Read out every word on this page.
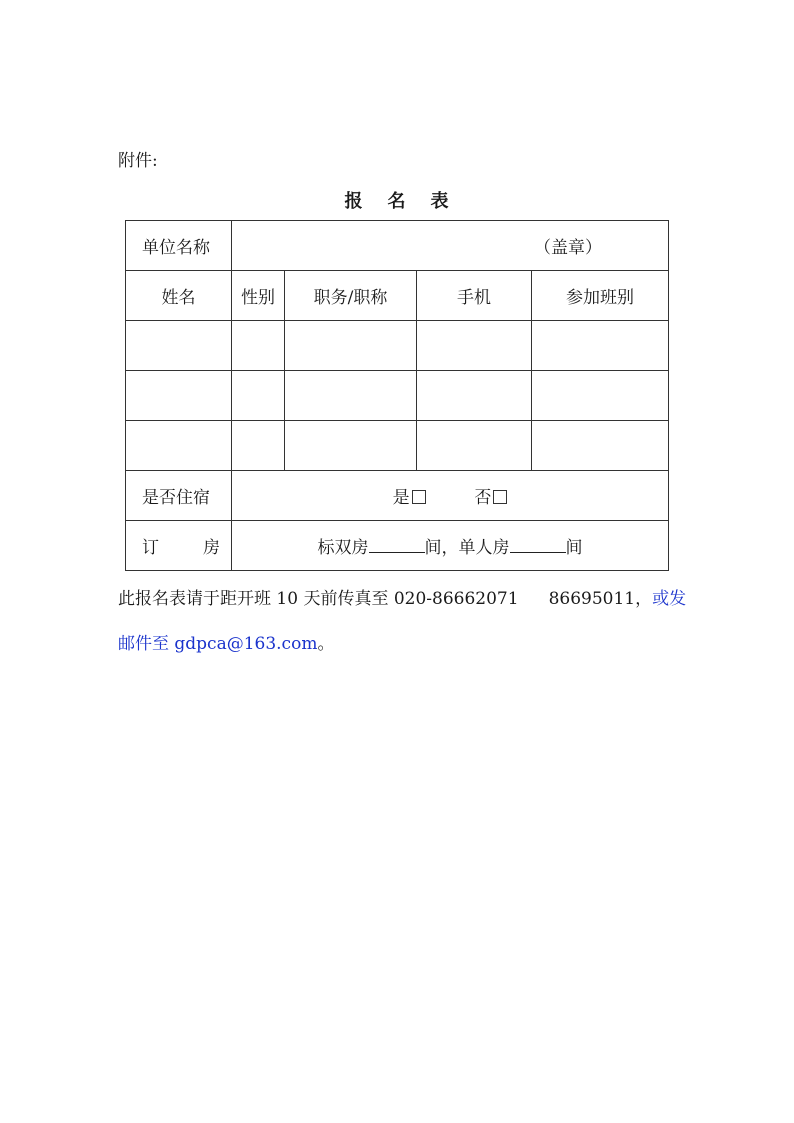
附件:
报 名 表
单位名称	（盖章）			
姓名	性别	职务/职称	手机	参加班别

是否住宿	是 否			
订 房	标双房 间，单人房 间			
此报名表请于距开班 10 天前传真至 020-86662071 86695011，或发
邮件至 gdpca@163.com。
